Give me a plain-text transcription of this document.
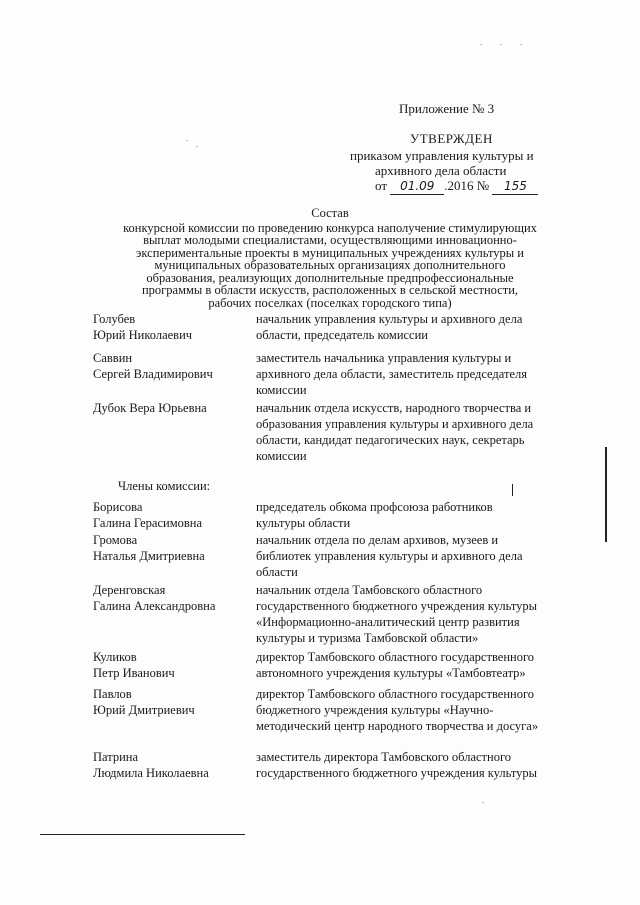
Приложение № 3
УТВЕРЖДЕН
приказом управления культуры и
архивного дела области
от 01.09 .2016 № 155
Состав
конкурсной комиссии по проведению конкурса наполучение стимулирующих
выплат молодыми специалистами, осуществляющими инновационно-
экспериментальные проекты в муниципальных учреждениях культуры и
муниципальных образовательных организациях дополнительного
образования, реализующих дополнительные предпрофессиональные
программы в области искусств, расположенных в сельской местности,
рабочих поселках (поселках городского типа)
Голубев
Юрий Николаевич
начальник управления культуры и архивного дела
области, председатель комиссии
Саввин
Сергей Владимирович
заместитель начальника управления культуры и
архивного дела области, заместитель председателя
комиссии
Дубок Вера Юрьевна	начальник отдела искусств, народного творчества и
образования управления культуры и архивного дела
области, кандидат педагогических наук, секретарь
комиссии
Члены комиссии:
Борисова
Галина Герасимовна
председатель обкома профсоюза работников
культуры области
Громова
Наталья Дмитриевна
начальник отдела по делам архивов, музеев и
библиотек управления культуры и архивного дела
области
Деренговская
Галина Александровна
начальник отдела Тамбовского областного
государственного бюджетного учреждения культуры
«Информационно-аналитический центр развития
культуры и туризма Тамбовской области»
Куликов
Петр Иванович
директор Тамбовского областного государственного
автономного учреждения культуры «Тамбовтеатр»
Павлов
Юрий Дмитриевич
директор Тамбовского областного государственного
бюджетного учреждения культуры «Научно-
методический центр народного творчества и досуга»
Патрина
Людмила Николаевна
заместитель директора Тамбовского областного
государственного бюджетного учреждения культуры
